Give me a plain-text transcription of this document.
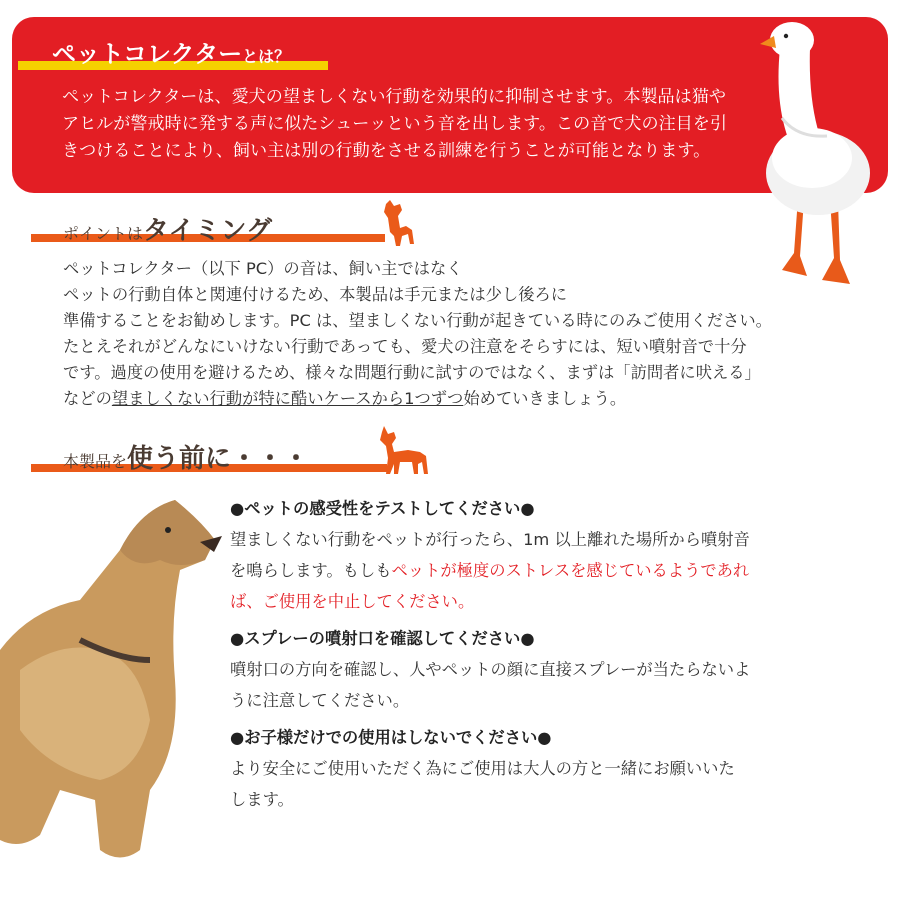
ペットコレクターとは？

ペットコレクターは、愛犬の望ましくない行動を効果的に抑制させます。本製品は猫や
アヒルが警戒時に発する声に似たシューッという音を出します。この音で犬の注目を引
きつけることにより、飼い主は別の行動をさせる訓練を行うことが可能となります。

ポイントはタイミング
ペットコレクター（以下 PC）の音は、飼い主ではなく
ペットの行動自体と関連付けるため、本製品は手元または少し後ろに
準備することをお勧めします。PC は、望ましくない行動が起きている時にのみご使用ください。
たとえそれがどんなにいけない行動であっても、愛犬の注意をそらすには、短い噴射音で十分
です。過度の使用を避けるため、様々な問題行動に試すのではなく、まずは「訪問者に吠える」
などの望ましくない行動が特に酷いケースから1つずつ始めていきましょう。
本製品を使う前に・・・
●ペットの感受性をテストしてください●
望ましくない行動をペットが行ったら、1m 以上離れた場所から噴射音
を鳴らします。もしもペットが極度のストレスを感じているようであれ
ば、ご使用を中止してください。
●スプレーの噴射口を確認してください●
噴射口の方向を確認し、人やペットの顔に直接スプレーが当たらないよ
うに注意してください。
●お子様だけでの使用はしないでください●
より安全にご使用いただく為にご使用は大人の方と一緒にお願いいた
します。
